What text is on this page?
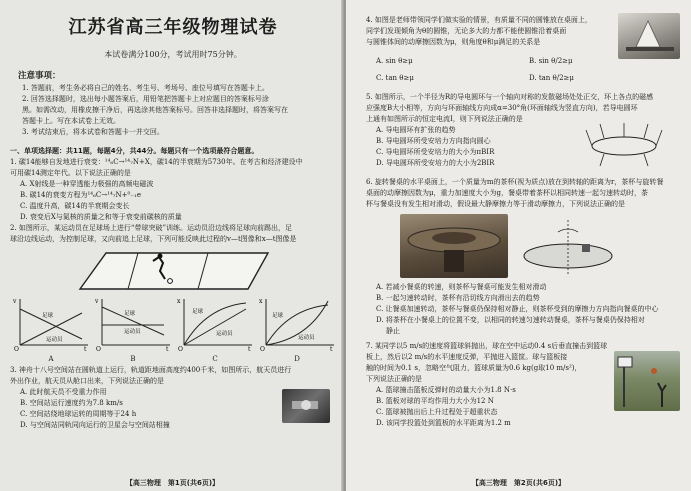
江苏省高三年级物理试卷
本试卷满分100分，考试用时75分钟。
注意事项：
1. 答题前，考生务必将自己的姓名、考生号、考场号、座位号填写在答题卡上。
2. 回答选择题时，选出每小题答案后，用铅笔把答题卡上对应题目的答案标号涂
黑。如需改动，用橡皮擦干净后，再选涂其他答案标号。回答非选择题时，将答案写在
答题卡上。写在本试卷上无效。
3. 考试结束后，将本试卷和答题卡一并交回。
一、单项选择题：共11题，每题4分，共44分。每题只有一个选项最符合题意。
1. 碳14能够自发地进行衰变：¹⁴₆C→¹⁴₇N+X，碳14的半衰期为5730年。在考古和经济建设中
可用碳14测定年代。以下说法正确的是
A. X射线是一种穿透能力极强的高频电磁波
B. 碳14的衰变方程为¹⁴₆C→¹⁴₇N+⁰₋₁e
C. 温度升高，碳14的半衰期会变长
D. 衰变后X与氮核的质量之和等于衰变前碳核的质量
2. 如图所示，某运动员在足球场上进行“带球突破”训练。运动员沿边线将足球向前踢出，足
球沿边线运动，为控制足球，又向前追上足球，下列可能反映此过程的v—t图像和x—t图像是
v
t
O
足球
运动员
A
v
t
O
足球
运动员
B
x
t
O
足球
运动员
C
x
t
O
足球
运动员
D
3. 神舟十八号空间站在圆轨道上运行，轨道距地面高度约400千米，如图所示，航天员进行
外出作业，航天员从舱口出来，下列说法正确的是
A. 此时航天员不受重力作用
B. 空间站运行速度约为7.8 km/s
C. 空间站绕地球运转的周期等于24 h
D. 与空间站同轨同向运行的卫星会与空间站相撞
【高三物理　第1页(共6页)】
4. 如图是老师带领同学们做实验的情景，有质量不同的圆锥放在桌面上，
同学们发现倾角为θ的圆锥，无论多大的力都不能使圆锥沿着桌面
与圆锥体间的动摩擦因数为μ，则角度θ和μ满足的关系是
A. sin θ≥μ	B. sin θ/2≥μ
C. tan θ≥μ	D. tan θ/2≥μ
5. 如图所示，一个半径为R的导电圆环与一个轴向对称的发散磁场处处正交，环上各点的磁感
应强度B大小相等，方向与环面轴线方向成α=30°角(环面轴线为竖直方向)，若导电圆环
上通有如图所示的恒定电流I，则下列说法正确的是
A. 导电圆环有扩张的趋势
B. 导电圆环所受安培力方向指向圆心
C. 导电圆环所受安培力的大小为πBIR
D. 导电圆环所受安培力的大小为2BIR
6. 旋转餐桌的水平桌面上，一个质量为m的茶杯(视为质点)放在到转轴的距离为r，茶杯与旋转餐
桌面的动摩擦因数为μ，重力加速度大小为g，餐桌带着茶杯以相同转速一起匀速转动时，茶
杯与餐桌没有发生相对滑动，假设最大静摩擦力等于滑动摩擦力，下列说法正确的是
A. 若减小餐桌的转速，则茶杯与餐桌可能发生相对滑动
B. 一起匀速转动时，茶杯有沿切线方向滑出去的趋势
C. 让餐桌加速转动，茶杯与餐桌仍保持相对静止，则茶杯受到的摩擦力方向指向餐桌的中心
D. 将茶杯在小餐桌上的位置不变，以相同的转速匀速转动餐桌，茶杯与餐桌仍保持相对
静止
7. 某同学以5 m/s的速度将篮球斜抛出，球在空中运动0.4 s后垂直撞击到篮球
板上，然后以2 m/s的水平速度反弹，平抛进入篮筐。球与篮板接
触的时间为0.1 s，忽略空气阻力，篮球质量为0.6 kg(g取10 m/s²)，
下列说法正确的是
A. 篮球撞击篮板反弹时的动量大小为1.8 N·s
B. 篮板对球的平均作用力大小为12 N
C. 篮球被抛出后上升过程处于超重状态
D. 该同学投篮处到篮板的水平距离为1.2 m
【高三物理　第2页(共6页)】
